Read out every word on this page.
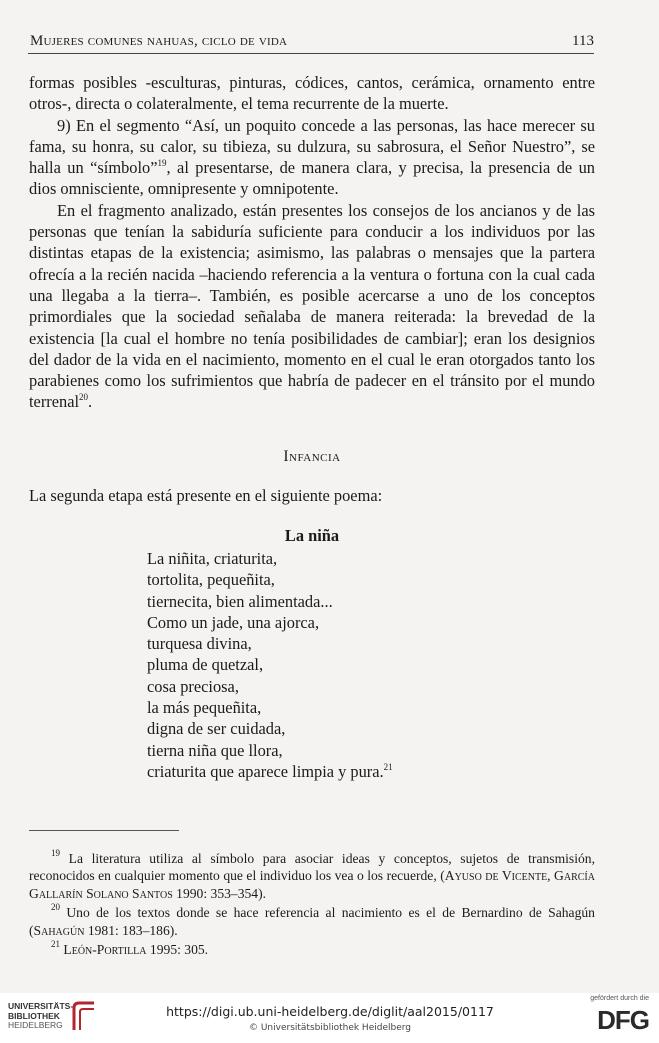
Mujeres comunes nahuas, ciclo de vida	113

formas posibles -esculturas, pinturas, códices, cantos, cerámica, ornamento entre otros-, directa o colateralmente, el tema recurrente de la muerte.

9) En el segmento “Así, un poquito concede a las personas, las hace merecer su fama, su honra, su calor, su tibieza, su dulzura, su sabrosura, el Señor Nuestro”, se halla un “símbolo”$^{19}$, al presentarse, de manera clara, y precisa, la presencia de un dios omnisciente, omnipresente y omnipotente.

En el fragmento analizado, están presentes los consejos de los ancianos y de las personas que tenían la sabiduría suficiente para conducir a los individuos por las distintas etapas de la existencia; asimismo, las palabras o mensajes que la partera ofrecía a la recién nacida –haciendo referencia a la ventura o fortuna con la cual cada una llegaba a la tierra–. También, es posible acercarse a uno de los conceptos primordiales que la sociedad señalaba de manera reiterada: la brevedad de la existencia [la cual el hombre no tenía posibilidades de cambiar]; eran los designios del dador de la vida en el nacimiento, momento en el cual le eran otorgados tanto los parabienes como los sufrimientos que habría de padecer en el tránsito por el mundo terrenal$^{20}$.

Infancia
La segunda etapa está presente en el siguiente poema:
La niña
La niñita, criaturita,
tortolita, pequeñita,
tiernecita, bien alimentada...
Como un jade, una ajorca,
turquesa divina,
pluma de quetzal,
cosa preciosa,
la más pequeñita,
digna de ser cuidada,
tierna niña que llora,
criaturita que aparece limpia y pura.$^{21}$

$^{19}$ La literatura utiliza al símbolo para asociar ideas y conceptos, sujetos de transmisión, reconocidos en cualquier momento que el individuo los vea o los recuerde, (Ayuso de Vicente, García Gallarín Solano Santos 1990: 353–354).

$^{20}$ Uno de los textos donde se hace referencia al nacimiento es el de Bernardino de Sahagún (Sahagún 1981: 183–186).

$^{21}$ León-Portilla 1995: 305.

UNIVERSITÄTS-
BIBLIOTHEK
HEIDELBERG
https://digi.ub.uni-heidelberg.de/diglit/aal2015/0117
© Universitätsbibliothek Heidelberg
gefördert durch die
DFG
